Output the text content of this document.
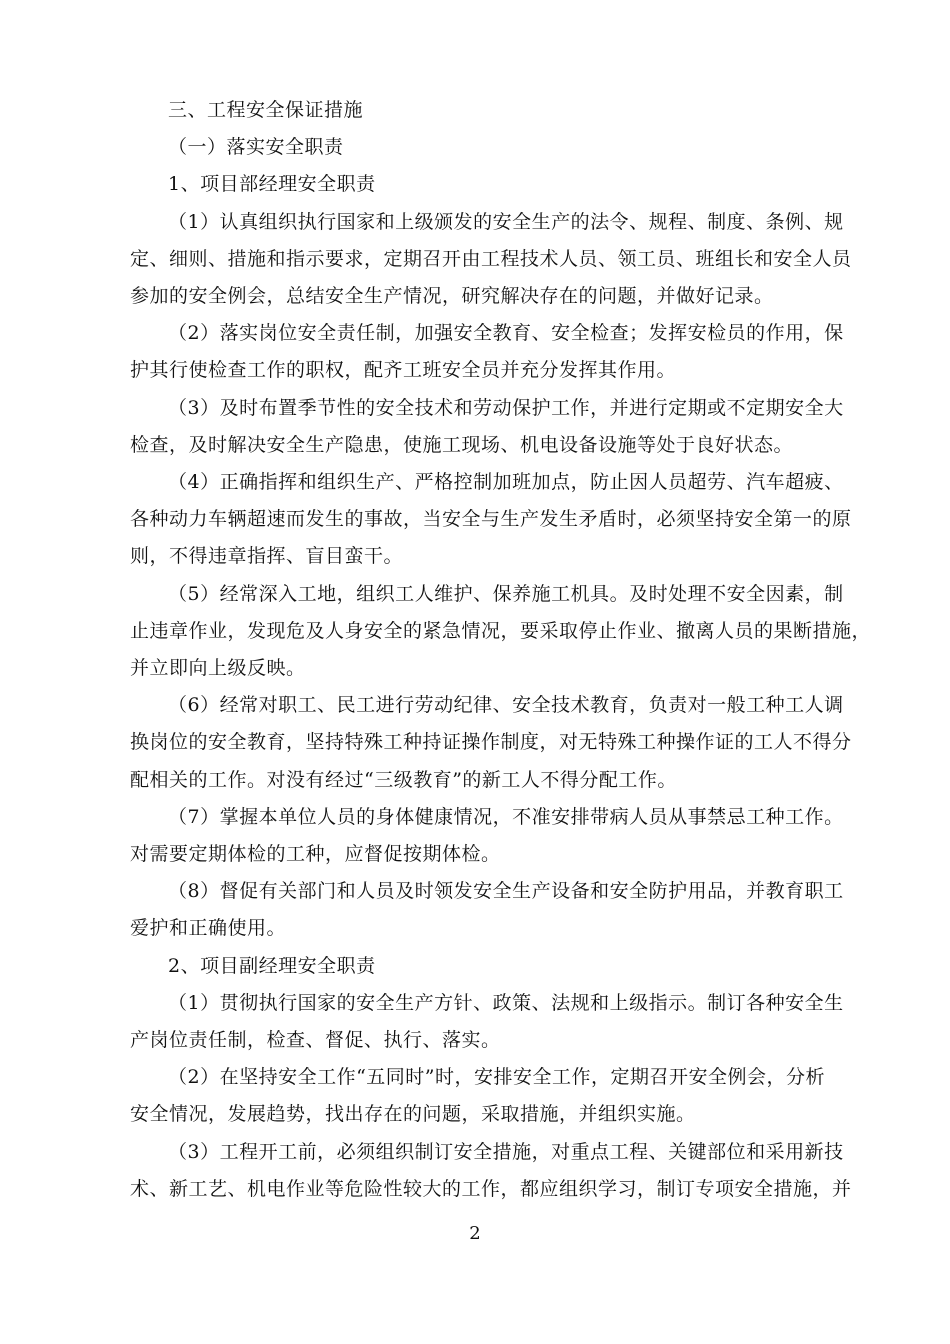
三、工程安全保证措施
（一）落实安全职责
1、项目部经理安全职责
（1）认真组织执行国家和上级颁发的安全生产的法令、规程、制度、条例、规
定、细则、措施和指示要求，定期召开由工程技术人员、领工员、班组长和安全人员
参加的安全例会，总结安全生产情况，研究解决存在的问题，并做好记录。
（2）落实岗位安全责任制，加强安全教育、安全检查；发挥安检员的作用，保
护其行使检查工作的职权，配齐工班安全员并充分发挥其作用。
（3）及时布置季节性的安全技术和劳动保护工作，并进行定期或不定期安全大
检查，及时解决安全生产隐患，使施工现场、机电设备设施等处于良好状态。
（4）正确指挥和组织生产、严格控制加班加点，防止因人员超劳、汽车超疲、
各种动力车辆超速而发生的事故，当安全与生产发生矛盾时，必须坚持安全第一的原
则，不得违章指挥、盲目蛮干。
（5）经常深入工地，组织工人维护、保养施工机具。及时处理不安全因素，制
止违章作业，发现危及人身安全的紧急情况，要采取停止作业、撤离人员的果断措施，
并立即向上级反映。
（6）经常对职工、民工进行劳动纪律、安全技术教育，负责对一般工种工人调
换岗位的安全教育，坚持特殊工种持证操作制度，对无特殊工种操作证的工人不得分
配相关的工作。对没有经过“三级教育”的新工人不得分配工作。
（7）掌握本单位人员的身体健康情况，不准安排带病人员从事禁忌工种工作。
对需要定期体检的工种，应督促按期体检。
（8）督促有关部门和人员及时领发安全生产设备和安全防护用品，并教育职工
爱护和正确使用。
2、项目副经理安全职责
（1）贯彻执行国家的安全生产方针、政策、法规和上级指示。制订各种安全生
产岗位责任制，检查、督促、执行、落实。
（2）在坚持安全工作“五同时”时，安排安全工作，定期召开安全例会，分析
安全情况，发展趋势，找出存在的问题，采取措施，并组织实施。
（3）工程开工前，必须组织制订安全措施，对重点工程、关键部位和采用新技
术、新工艺、机电作业等危险性较大的工作，都应组织学习，制订专项安全措施，并
2
